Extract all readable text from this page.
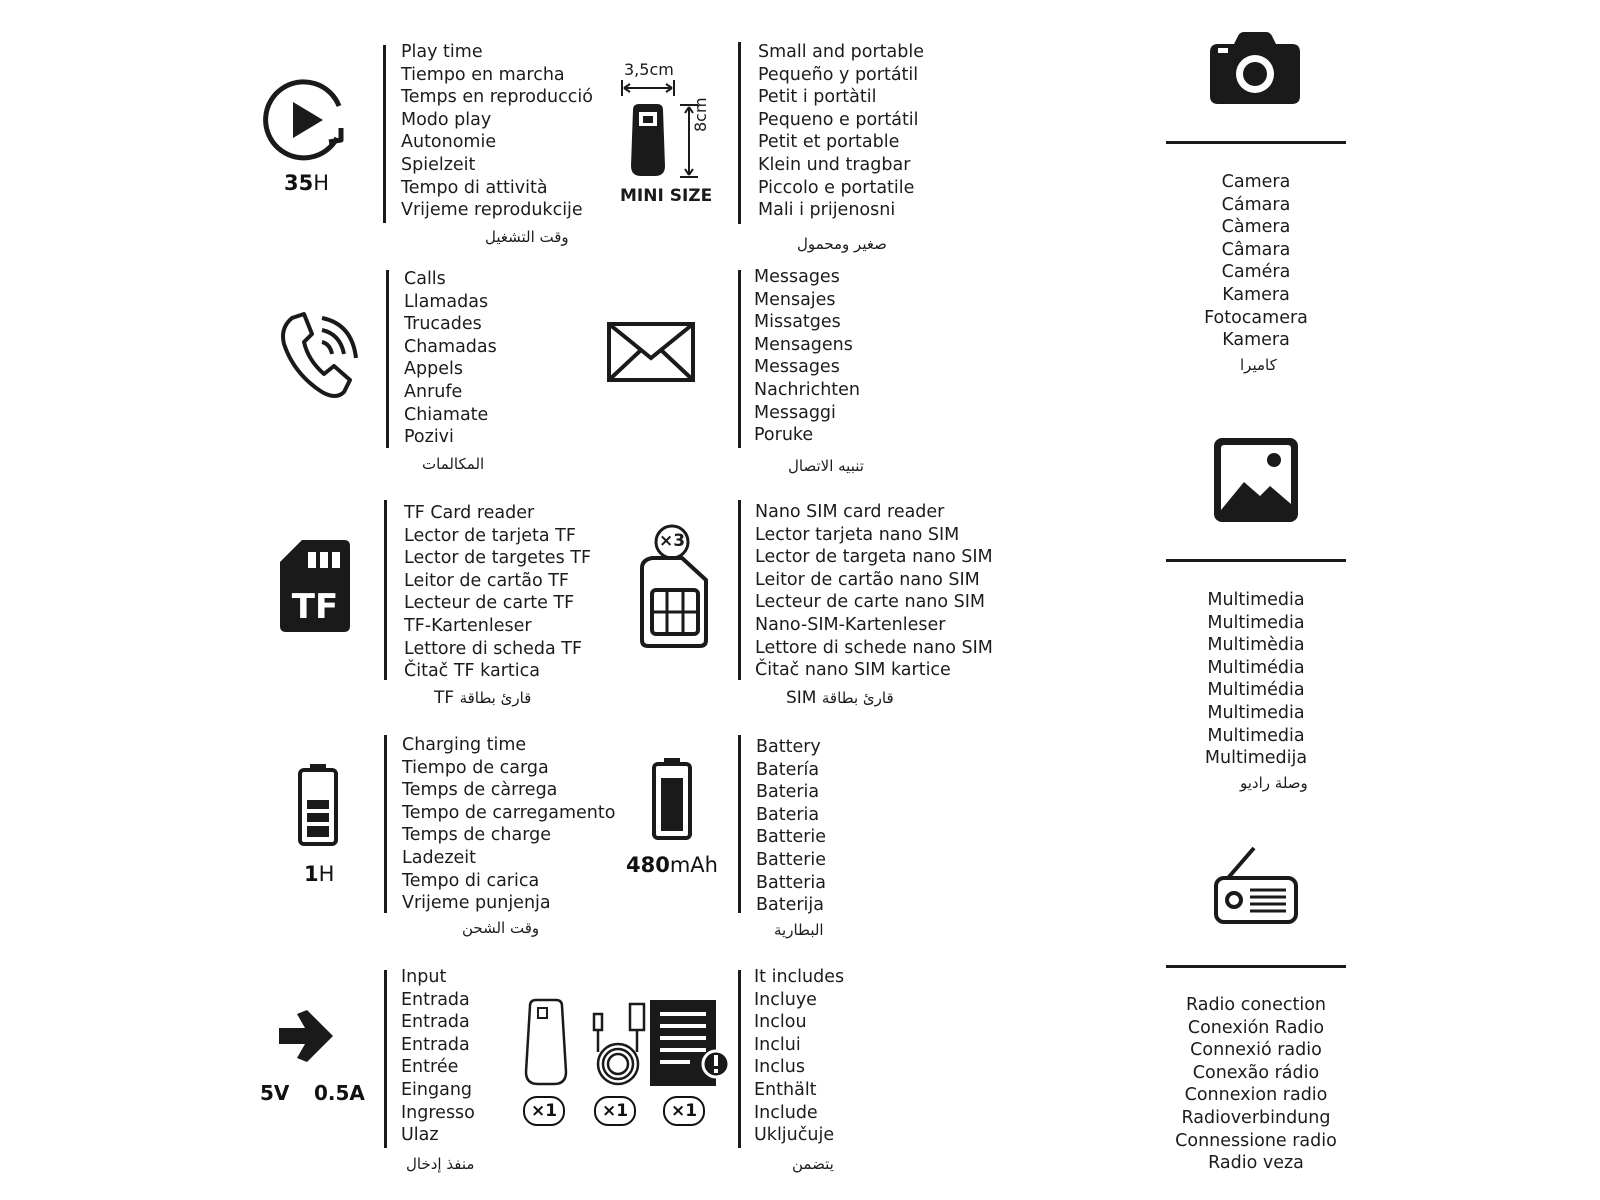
35H
Play time
Tiempo en marcha
Temps en reproducció
Modo play
Autonomie
Spielzeit
Tempo di attività
Vrijeme reprodukcije
وقت التشغيل
3,5cm
8cm
MINI SIZE
Small and portable
Pequeño y portátil
Petit i portàtil
Pequeno e portátil
Petit et portable
Klein und tragbar
Piccolo e portatile
Mali i prijenosni
صغير ومحمول
Calls
Llamadas
Trucades
Chamadas
Appels
Anrufe
Chiamate
Pozivi
المكالمات
Messages
Mensajes
Missatges
Mensagens
Messages
Nachrichten
Messaggi
Poruke
تنبيه الاتصال
TF
TF Card reader
Lector de tarjeta TF
Lector de targetes TF
Leitor de cartão TF
Lecteur de carte TF
TF-Kartenleser
Lettore di scheda TF
Čitač TF kartica
TF قارئ بطاقة
×3
Nano SIM card reader
Lector tarjeta nano SIM
Lector de targeta nano SIM
Leitor de cartão nano SIM
Lecteur de carte nano SIM
Nano-SIM-Kartenleser
Lettore di schede nano SIM
Čitač nano SIM kartice
SIM قارئ بطاقة
1H
Charging time
Tiempo de carga
Temps de càrrega
Tempo de carregamento
Temps de charge
Ladezeit
Tempo di carica
Vrijeme punjenja
وقت الشحن
480mAh
Battery
Batería
Bateria
Bateria
Batterie
Batterie
Batteria
Baterija
البطارية
5V 0.5A
Input
Entrada
Entrada
Entrada
Entrée
Eingang
Ingresso
Ulaz
منفذ إدخال
×1	×1	×1
It includes
Incluye
Inclou
Inclui
Inclus
Enthält
Include
Uključuje
يتضمن
Camera
Cámara
Càmera
Câmara
Caméra
Kamera
Fotocamera
Kamera
كاميرا
Multimedia
Multimedia
Multimèdia
Multimédia
Multimédia
Multimedia
Multimedia
Multimedija
وصلة راديو
Radio conection
Conexión Radio
Connexió radio
Conexão rádio
Connexion radio
Radioverbindung
Connessione radio
Radio veza
